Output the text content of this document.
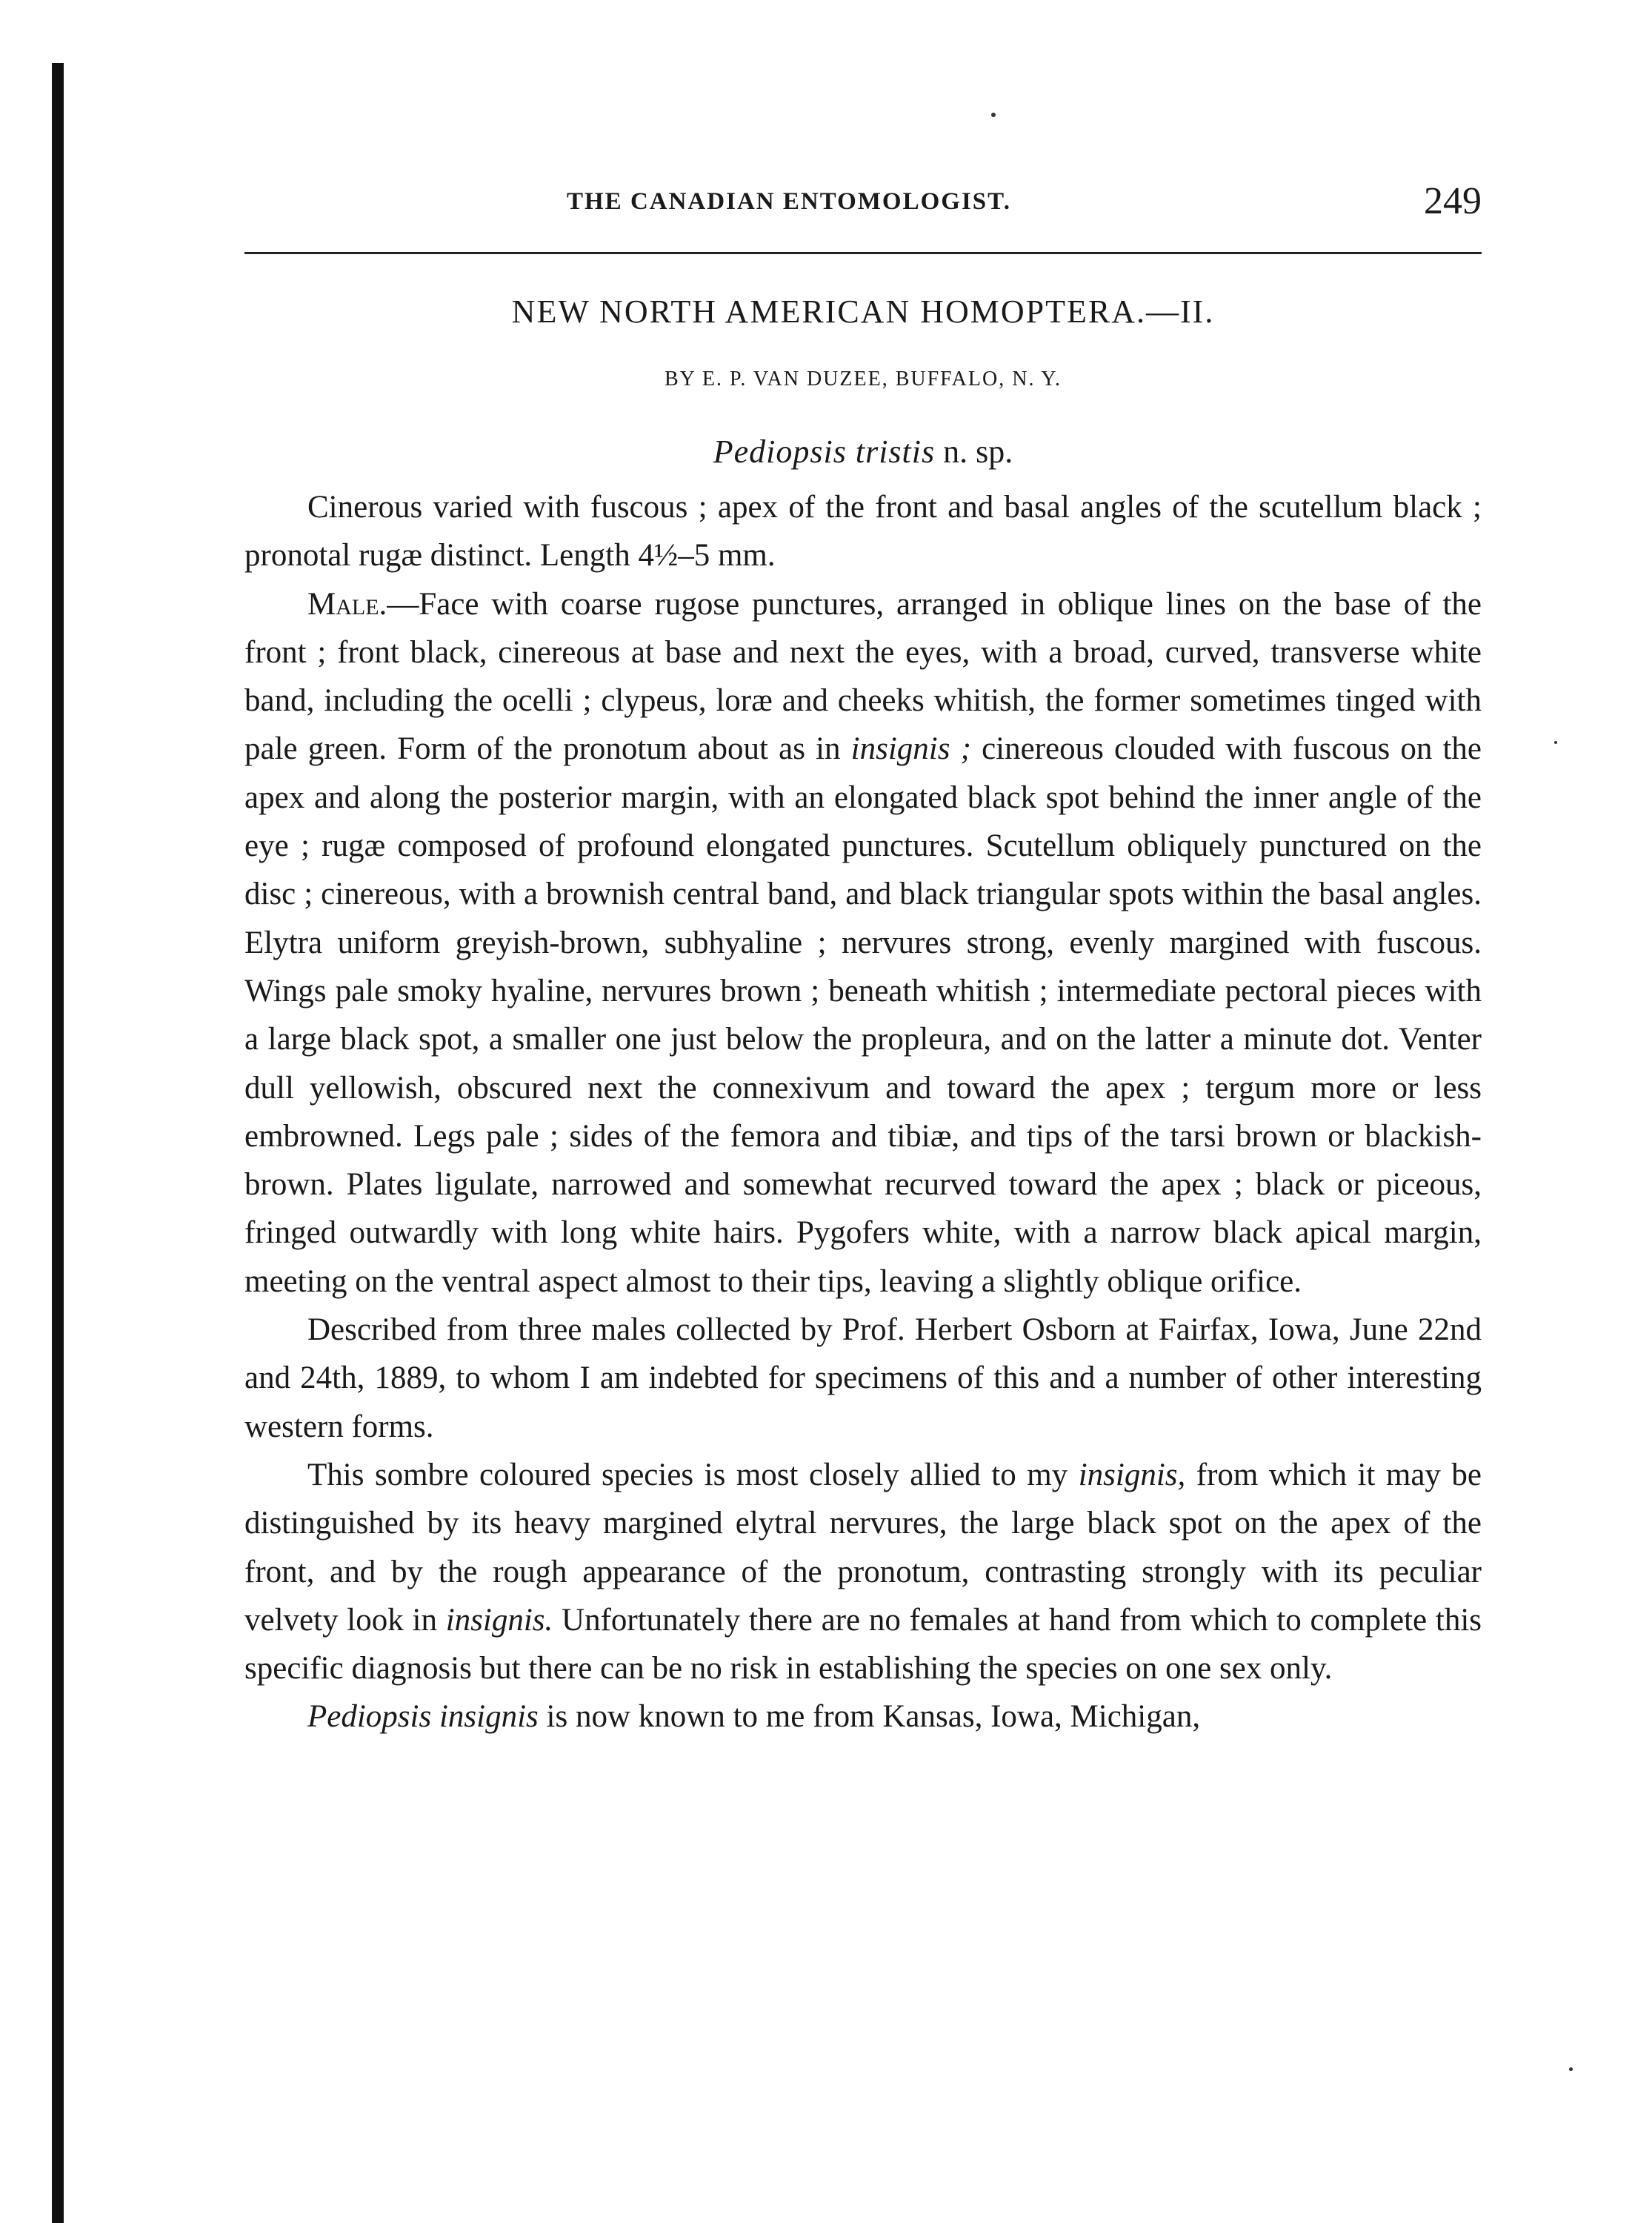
THE CANADIAN ENTOMOLOGIST.	249
NEW NORTH AMERICAN HOMOPTERA.—II.
BY E. P. VAN DUZEE, BUFFALO, N. Y.
Pediopsis tristis n. sp.

Cinerous varied with fuscous ; apex of the front and basal angles of the scutellum black ; pronotal rugæ distinct. Length 4½–5 mm.

Male.—Face with coarse rugose punctures, arranged in oblique lines on the base of the front ; front black, cinereous at base and next the eyes, with a broad, curved, transverse white band, including the ocelli ; clypeus, loræ and cheeks whitish, the former sometimes tinged with pale green. Form of the pronotum about as in insignis ; cinereous clouded with fuscous on the apex and along the posterior margin, with an elongated black spot behind the inner angle of the eye ; rugæ composed of profound elongated punctures. Scutellum obliquely punctured on the disc ; cinereous, with a brownish central band, and black triangular spots within the basal angles. Elytra uniform greyish-brown, subhyaline ; nervures strong, evenly margined with fuscous. Wings pale smoky hyaline, nervures brown ; beneath whitish ; intermediate pectoral pieces with a large black spot, a smaller one just below the propleura, and on the latter a minute dot. Venter dull yellowish, obscured next the connexivum and toward the apex ; tergum more or less embrowned. Legs pale ; sides of the femora and tibiæ, and tips of the tarsi brown or blackish-brown. Plates ligulate, narrowed and somewhat recurved toward the apex ; black or piceous, fringed outwardly with long white hairs. Pygofers white, with a narrow black apical margin, meeting on the ventral aspect almost to their tips, leaving a slightly oblique orifice.

Described from three males collected by Prof. Herbert Osborn at Fairfax, Iowa, June 22nd and 24th, 1889, to whom I am indebted for specimens of this and a number of other interesting western forms.

This sombre coloured species is most closely allied to my insignis, from which it may be distinguished by its heavy margined elytral nervures, the large black spot on the apex of the front, and by the rough appearance of the pronotum, contrasting strongly with its peculiar velvety look in insignis. Unfortunately there are no females at hand from which to complete this specific diagnosis but there can be no risk in establishing the species on one sex only.

Pediopsis insignis is now known to me from Kansas, Iowa, Michigan,
